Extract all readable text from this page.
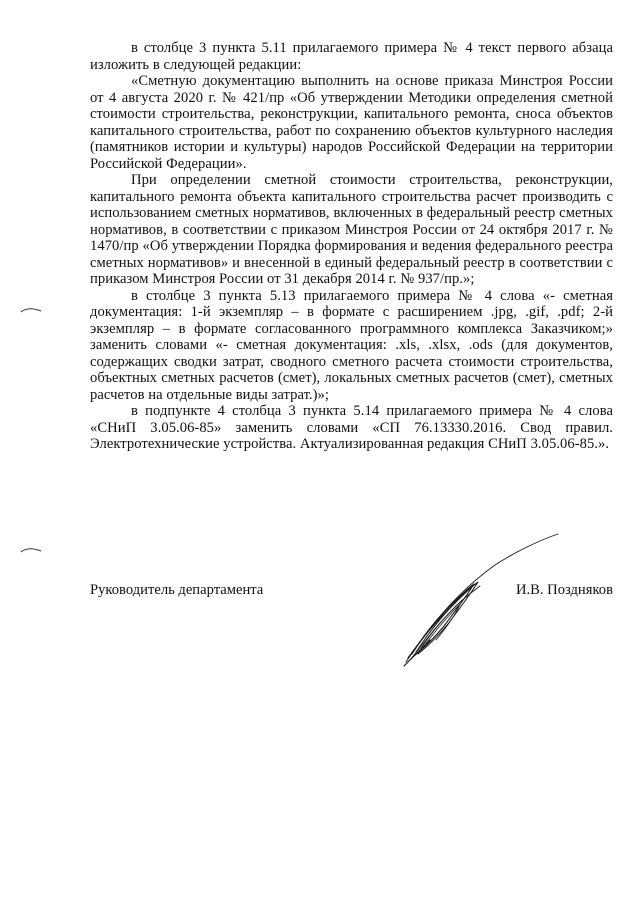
в столбце 3 пункта 5.11 прилагаемого примера № 4 текст первого абзаца изложить в следующей редакции:

«Сметную документацию выполнить на основе приказа Минстроя России от 4 августа 2020 г. № 421/пр «Об утверждении Методики определения сметной стоимости строительства, реконструкции, капитального ремонта, сноса объектов капитального строительства, работ по сохранению объектов культурного наследия (памятников истории и культуры) народов Российской Федерации на территории Российской Федерации».

При определении сметной стоимости строительства, реконструкции, капитального ремонта объекта капитального строительства расчет производить с использованием сметных нормативов, включенных в федеральный реестр сметных нормативов, в соответствии с приказом Минстроя России от 24 октября 2017 г. № 1470/пр «Об утверждении Порядка формирования и ведения федерального реестра сметных нормативов» и внесенной в единый федеральный реестр в соответствии с приказом Минстроя России от 31 декабря 2014 г. № 937/пр.»;

в столбце 3 пункта 5.13 прилагаемого примера № 4 слова «- сметная документация: 1-й экземпляр – в формате с расширением .jpg, .gif, .pdf; 2-й экземпляр – в формате согласованного программного комплекса Заказчиком;» заменить словами «- сметная документация: .xls, .xlsx, .ods (для документов, содержащих сводки затрат, сводного сметного расчета стоимости строительства, объектных сметных расчетов (смет), локальных сметных расчетов (смет), сметных расчетов на отдельные виды затрат.)»;

в подпункте 4 столбца 3 пункта 5.14 прилагаемого примера № 4 слова «СНиП 3.05.06-85» заменить словами «СП 76.13330.2016. Свод правил. Электротехнические устройства. Актуализированная редакция СНиП 3.05.06-85.».

Руководитель департамента	И.В. Поздняков
